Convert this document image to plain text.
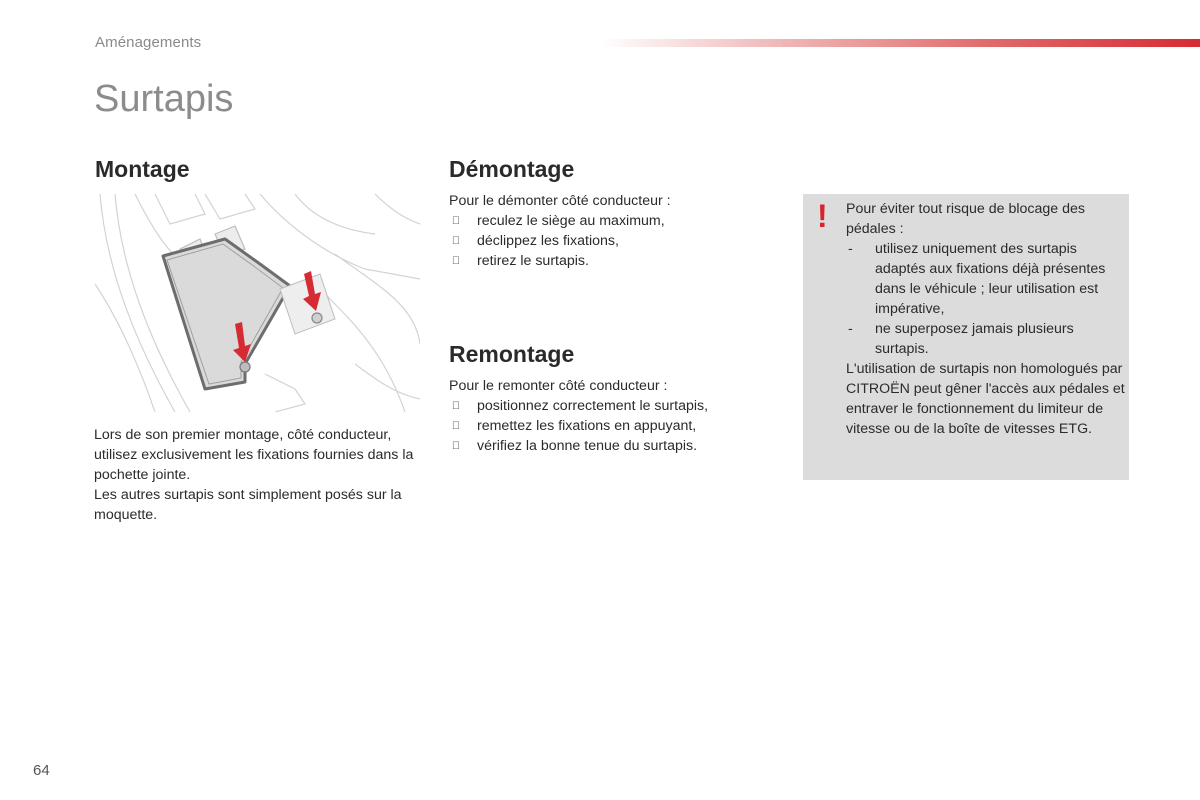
Aménagements
Surtapis
Montage

Lors de son premier montage, côté conducteur, utilisez exclusivement les fixations fournies dans la pochette jointe.
Les autres surtapis sont simplement posés sur la moquette.

Démontage
Pour le démonter côté conducteur :
reculez le siège au maximum,
déclippez les fixations,
retirez le surtapis.
Remontage
Pour le remonter côté conducteur :
positionnez correctement le surtapis,
remettez les fixations en appuyant,
vérifiez la bonne tenue du surtapis.
! Pour éviter tout risque de blocage des pédales :
- utilisez uniquement des surtapis adaptés aux fixations déjà présentes dans le véhicule ; leur utilisation est impérative,
- ne superposez jamais plusieurs surtapis.
L'utilisation de surtapis non homologués par CITROËN peut gêner l'accès aux pédales et entraver le fonctionnement du limiteur de vitesse ou de la boîte de vitesses ETG.
64
